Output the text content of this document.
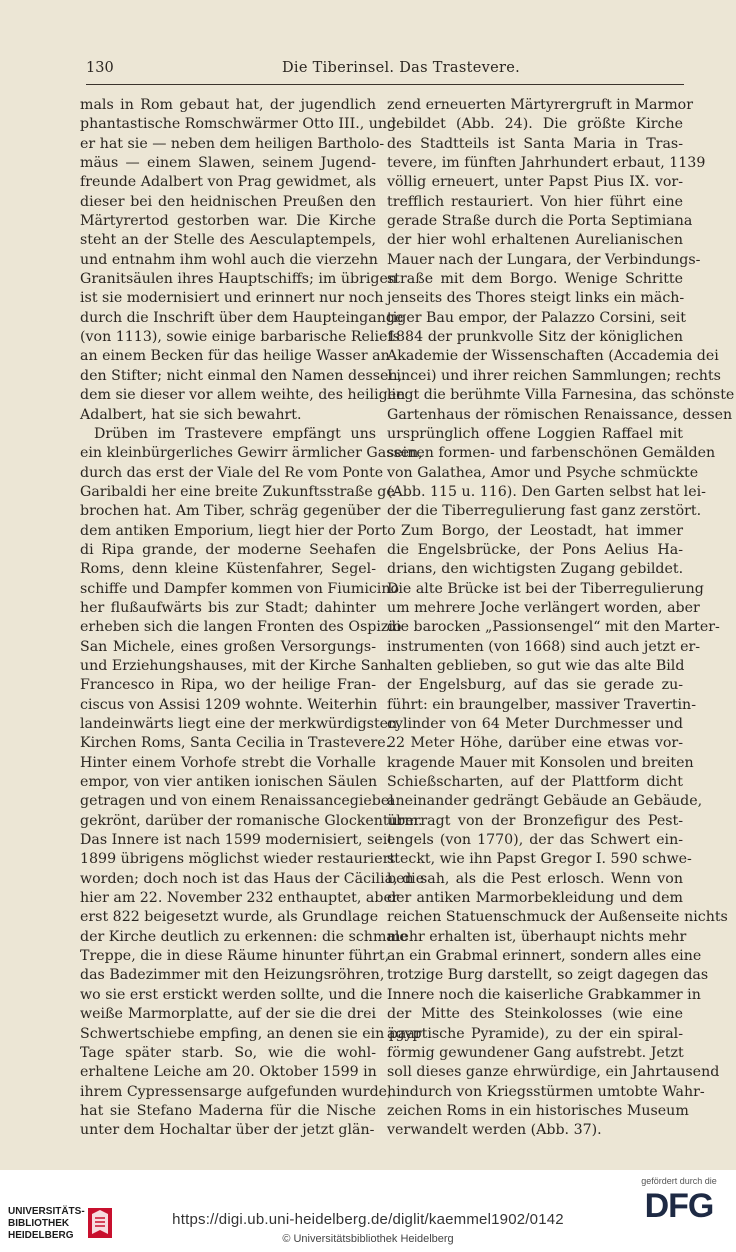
130	Die Tiberinsel. Das Trastevere.
mals in Rom gebaut hat, der jugendlich
phantastische Romschwärmer Otto III., und
er hat sie — neben dem heiligen Bartholo-
mäus — einem Slawen, seinem Jugend-
freunde Adalbert von Prag gewidmet, als
dieser bei den heidnischen Preußen den
Märtyrertod gestorben war. Die Kirche
steht an der Stelle des Aesculaptempels,
und entnahm ihm wohl auch die vierzehn
Granitsäulen ihres Hauptschiffs; im übrigen
ist sie modernisiert und erinnert nur noch
durch die Inschrift über dem Haupteingange
(von 1113), sowie einige barbarische Reliefs
an einem Becken für das heilige Wasser an
den Stifter; nicht einmal den Namen dessen,
dem sie dieser vor allem weihte, des heiligen
Adalbert, hat sie sich bewahrt.
Drüben im Trastevere empfängt uns
ein kleinbürgerliches Gewirr ärmlicher Gassen,
durch das erst der Viale del Re vom Ponte
Garibaldi her eine breite Zukunftsstraße ge-
brochen hat. Am Tiber, schräg gegenüber
dem antiken Emporium, liegt hier der Porto
di Ripa grande, der moderne Seehafen
Roms, denn kleine Küstenfahrer, Segel-
schiffe und Dampfer kommen von Fiumicino
her flußaufwärts bis zur Stadt; dahinter
erheben sich die langen Fronten des Ospizio
San Michele, eines großen Versorgungs-
und Erziehungshauses, mit der Kirche San
Francesco in Ripa, wo der heilige Fran-
ciscus von Assisi 1209 wohnte. Weiterhin
landeinwärts liegt eine der merkwürdigsten
Kirchen Roms, Santa Cecilia in Trastevere.
Hinter einem Vorhofe strebt die Vorhalle
empor, von vier antiken ionischen Säulen
getragen und von einem Renaissancegiebel
gekrönt, darüber der romanische Glockenturm.
Das Innere ist nach 1599 modernisiert, seit
1899 übrigens möglichst wieder restauriert
worden; doch noch ist das Haus der Cäcilia, die
hier am 22. November 232 enthauptet, aber
erst 822 beigesetzt wurde, als Grundlage
der Kirche deutlich zu erkennen: die schmale
Treppe, die in diese Räume hinunter führt,
das Badezimmer mit den Heizungsröhren,
wo sie erst erstickt werden sollte, und die
weiße Marmorplatte, auf der sie die drei
Schwertschiebe empfing, an denen sie ein paar
Tage später starb. So, wie die wohl-
erhaltene Leiche am 20. Oktober 1599 in
ihrem Cypressensarge aufgefunden wurde,
hat sie Stefano Maderna für die Nische
unter dem Hochaltar über der jetzt glän-
zend erneuerten Märtyrergruft in Marmor
gebildet (Abb. 24). Die größte Kirche
des Stadtteils ist Santa Maria in Tras-
tevere, im fünften Jahrhundert erbaut, 1139
völlig erneuert, unter Papst Pius IX. vor-
trefflich restauriert. Von hier führt eine
gerade Straße durch die Porta Septimiana
der hier wohl erhaltenen Aurelianischen
Mauer nach der Lungara, der Verbindungs-
straße mit dem Borgo. Wenige Schritte
jenseits des Thores steigt links ein mäch-
tiger Bau empor, der Palazzo Corsini, seit
1884 der prunkvolle Sitz der königlichen
Akademie der Wissenschaften (Accademia dei
Lincei) und ihrer reichen Sammlungen; rechts
liegt die berühmte Villa Farnesina, das schönste
Gartenhaus der römischen Renaissance, dessen
ursprünglich offene Loggien Raffael mit
seinen formen- und farbenschönen Gemälden
von Galathea, Amor und Psyche schmückte
(Abb. 115 u. 116). Den Garten selbst hat lei-
der die Tiberregulierung fast ganz zerstört.
Zum Borgo, der Leostadt, hat immer
die Engelsbrücke, der Pons Aelius Ha-
drians, den wichtigsten Zugang gebildet.
Die alte Brücke ist bei der Tiberregulierung
um mehrere Joche verlängert worden, aber
die barocken „Passionsengel“ mit den Marter-
instrumenten (von 1668) sind auch jetzt er-
halten geblieben, so gut wie das alte Bild
der Engelsburg, auf das sie gerade zu-
führt: ein braungelber, massiver Travertin-
cylinder von 64 Meter Durchmesser und
22 Meter Höhe, darüber eine etwas vor-
kragende Mauer mit Konsolen und breiten
Schießscharten, auf der Plattform dicht
aneinander gedrängt Gebäude an Gebäude,
überragt von der Bronzefigur des Pest-
engels (von 1770), der das Schwert ein-
steckt, wie ihn Papst Gregor I. 590 schwe-
ben sah, als die Pest erlosch. Wenn von
der antiken Marmorbekleidung und dem
reichen Statuenschmuck der Außenseite nichts
mehr erhalten ist, überhaupt nichts mehr
an ein Grabmal erinnert, sondern alles eine
trotzige Burg darstellt, so zeigt dagegen das
Innere noch die kaiserliche Grabkammer in
der Mitte des Steinkolosses (wie eine
ägyptische Pyramide), zu der ein spiral-
förmig gewundener Gang aufstrebt. Jetzt
soll dieses ganze ehrwürdige, ein Jahrtausend
hindurch von Kriegsstürmen umtobte Wahr-
zeichen Roms in ein historisches Museum
verwandelt werden (Abb. 37).
UNIVERSITÄTS-
BIBLIOTHEK
HEIDELBERG
https://digi.ub.uni-heidelberg.de/diglit/kaemmel1902/0142
© Universitätsbibliothek Heidelberg
gefördert durch die
DFG
